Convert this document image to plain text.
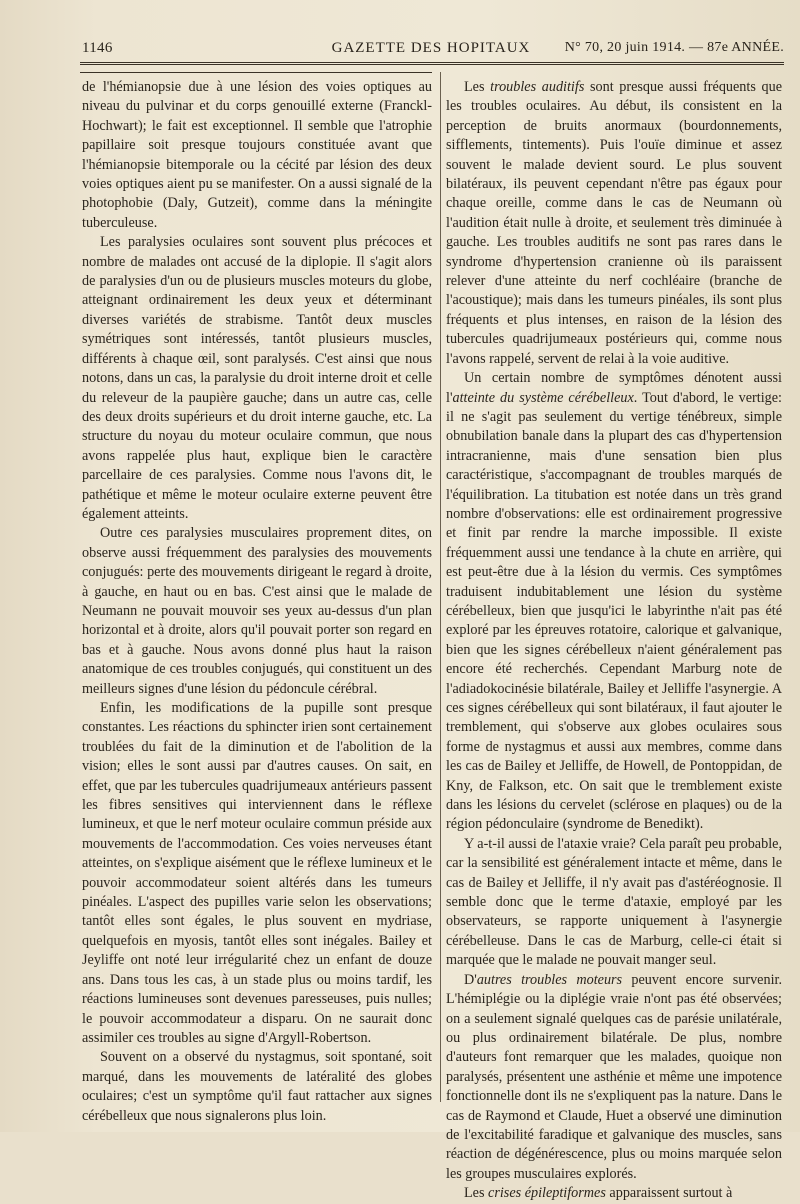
1146	GAZETTE DES HOPITAUX	N° 70, 20 juin 1914. — 87e ANNÉE.

de l'hémianopsie due à une lésion des voies optiques au niveau du pulvinar et du corps genouillé externe (Franckl-Hochwart); le fait est exceptionnel. Il semble que l'atrophie papillaire soit presque toujours constituée avant que l'hémianopsie bitemporale ou la cécité par lésion des deux voies optiques aient pu se manifester. On a aussi signalé de la photophobie (Daly, Gutzeit), comme dans la méningite tuberculeuse.

Les paralysies oculaires sont souvent plus précoces et nombre de malades ont accusé de la diplopie. Il s'agit alors de paralysies d'un ou de plusieurs muscles moteurs du globe, atteignant ordinairement les deux yeux et déterminant diverses variétés de strabisme. Tantôt deux muscles symétriques sont intéressés, tantôt plusieurs muscles, différents à chaque œil, sont paralysés. C'est ainsi que nous notons, dans un cas, la paralysie du droit interne droit et celle du releveur de la paupière gauche; dans un autre cas, celle des deux droits supérieurs et du droit interne gauche, etc. La structure du noyau du moteur oculaire commun, que nous avons rappelée plus haut, explique bien le caractère parcellaire de ces paralysies. Comme nous l'avons dit, le pathétique et même le moteur oculaire externe peuvent être également atteints.

Outre ces paralysies musculaires proprement dites, on observe aussi fréquemment des paralysies des mouvements conjugués: perte des mouvements dirigeant le regard à droite, à gauche, en haut ou en bas. C'est ainsi que le malade de Neumann ne pouvait mouvoir ses yeux au-dessus d'un plan horizontal et à droite, alors qu'il pouvait porter son regard en bas et à gauche. Nous avons donné plus haut la raison anatomique de ces troubles conjugués, qui constituent un des meilleurs signes d'une lésion du pédoncule cérébral.

Enfin, les modifications de la pupille sont presque constantes. Les réactions du sphincter irien sont certainement troublées du fait de la diminution et de l'abolition de la vision; elles le sont aussi par d'autres causes. On sait, en effet, que par les tubercules quadrijumeaux antérieurs passent les fibres sensitives qui interviennent dans le réflexe lumineux, et que le nerf moteur oculaire commun préside aux mouvements de l'accommodation. Ces voies nerveuses étant atteintes, on s'explique aisément que le réflexe lumineux et le pouvoir accommodateur soient altérés dans les tumeurs pinéales. L'aspect des pupilles varie selon les observations; tantôt elles sont égales, le plus souvent en mydriase, quelquefois en myosis, tantôt elles sont inégales. Bailey et Jeyliffe ont noté leur irrégularité chez un enfant de douze ans. Dans tous les cas, à un stade plus ou moins tardif, les réactions lumineuses sont devenues paresseuses, puis nulles; le pouvoir accommodateur a disparu. On ne saurait donc assimiler ces troubles au signe d'Argyll-Robertson.

Souvent on a observé du nystagmus, soit spontané, soit marqué, dans les mouvements de latéralité des globes oculaires; c'est un symptôme qu'il faut rattacher aux signes cérébelleux que nous signalerons plus loin.

Les troubles auditifs sont presque aussi fréquents que les troubles oculaires. Au début, ils consistent en la perception de bruits anormaux (bourdonnements, sifflements, tintements). Puis l'ouïe diminue et assez souvent le malade devient sourd. Le plus souvent bilatéraux, ils peuvent cependant n'être pas égaux pour chaque oreille, comme dans le cas de Neumann où l'audition était nulle à droite, et seulement très diminuée à gauche. Les troubles auditifs ne sont pas rares dans le syndrome d'hypertension cranienne où ils paraissent relever d'une atteinte du nerf cochléaire (branche de l'acoustique); mais dans les tumeurs pinéales, ils sont plus fréquents et plus intenses, en raison de la lésion des tubercules quadrijumeaux postérieurs qui, comme nous l'avons rappelé, servent de relai à la voie auditive.

Un certain nombre de symptômes dénotent aussi l'atteinte du système cérébelleux. Tout d'abord, le vertige: il ne s'agit pas seulement du vertige ténébreux, simple obnubilation banale dans la plupart des cas d'hypertension intracranienne, mais d'une sensation bien plus caractéristique, s'accompagnant de troubles marqués de l'équilibration. La titubation est notée dans un très grand nombre d'observations: elle est ordinairement progressive et finit par rendre la marche impossible. Il existe fréquemment aussi une tendance à la chute en arrière, qui est peut-être due à la lésion du vermis. Ces symptômes traduisent indubitablement une lésion du système cérébelleux, bien que jusqu'ici le labyrinthe n'ait pas été exploré par les épreuves rotatoire, calorique et galvanique, bien que les signes cérébelleux n'aient généralement pas encore été recherchés. Cependant Marburg note de l'adiadokocinésie bilatérale, Bailey et Jelliffe l'asynergie. A ces signes cérébelleux qui sont bilatéraux, il faut ajouter le tremblement, qui s'observe aux globes oculaires sous forme de nystagmus et aussi aux membres, comme dans les cas de Bailey et Jelliffe, de Howell, de Pontoppidan, de Kny, de Falkson, etc. On sait que le tremblement existe dans les lésions du cervelet (sclérose en plaques) ou de la région pédonculaire (syndrome de Benedikt).

Y a-t-il aussi de l'ataxie vraie? Cela paraît peu probable, car la sensibilité est généralement intacte et même, dans le cas de Bailey et Jelliffe, il n'y avait pas d'astéréognosie. Il semble donc que le terme d'ataxie, employé par les observateurs, se rapporte uniquement à l'asynergie cérébelleuse. Dans le cas de Marburg, celle-ci était si marquée que le malade ne pouvait manger seul.

D'autres troubles moteurs peuvent encore survenir. L'hémiplégie ou la diplégie vraie n'ont pas été observées; on a seulement signalé quelques cas de parésie unilatérale, ou plus ordinairement bilatérale. De plus, nombre d'auteurs font remarquer que les malades, quoique non paralysés, présentent une asthénie et même une impotence fonctionnelle dont ils ne s'expliquent pas la nature. Dans le cas de Raymond et Claude, Huet a observé une diminution de l'excitabilité faradique et galvanique des muscles, sans réaction de dégénérescence, plus ou moins marquée selon les groupes musculaires explorés.

Les crises épileptiformes apparaissent surtout à
